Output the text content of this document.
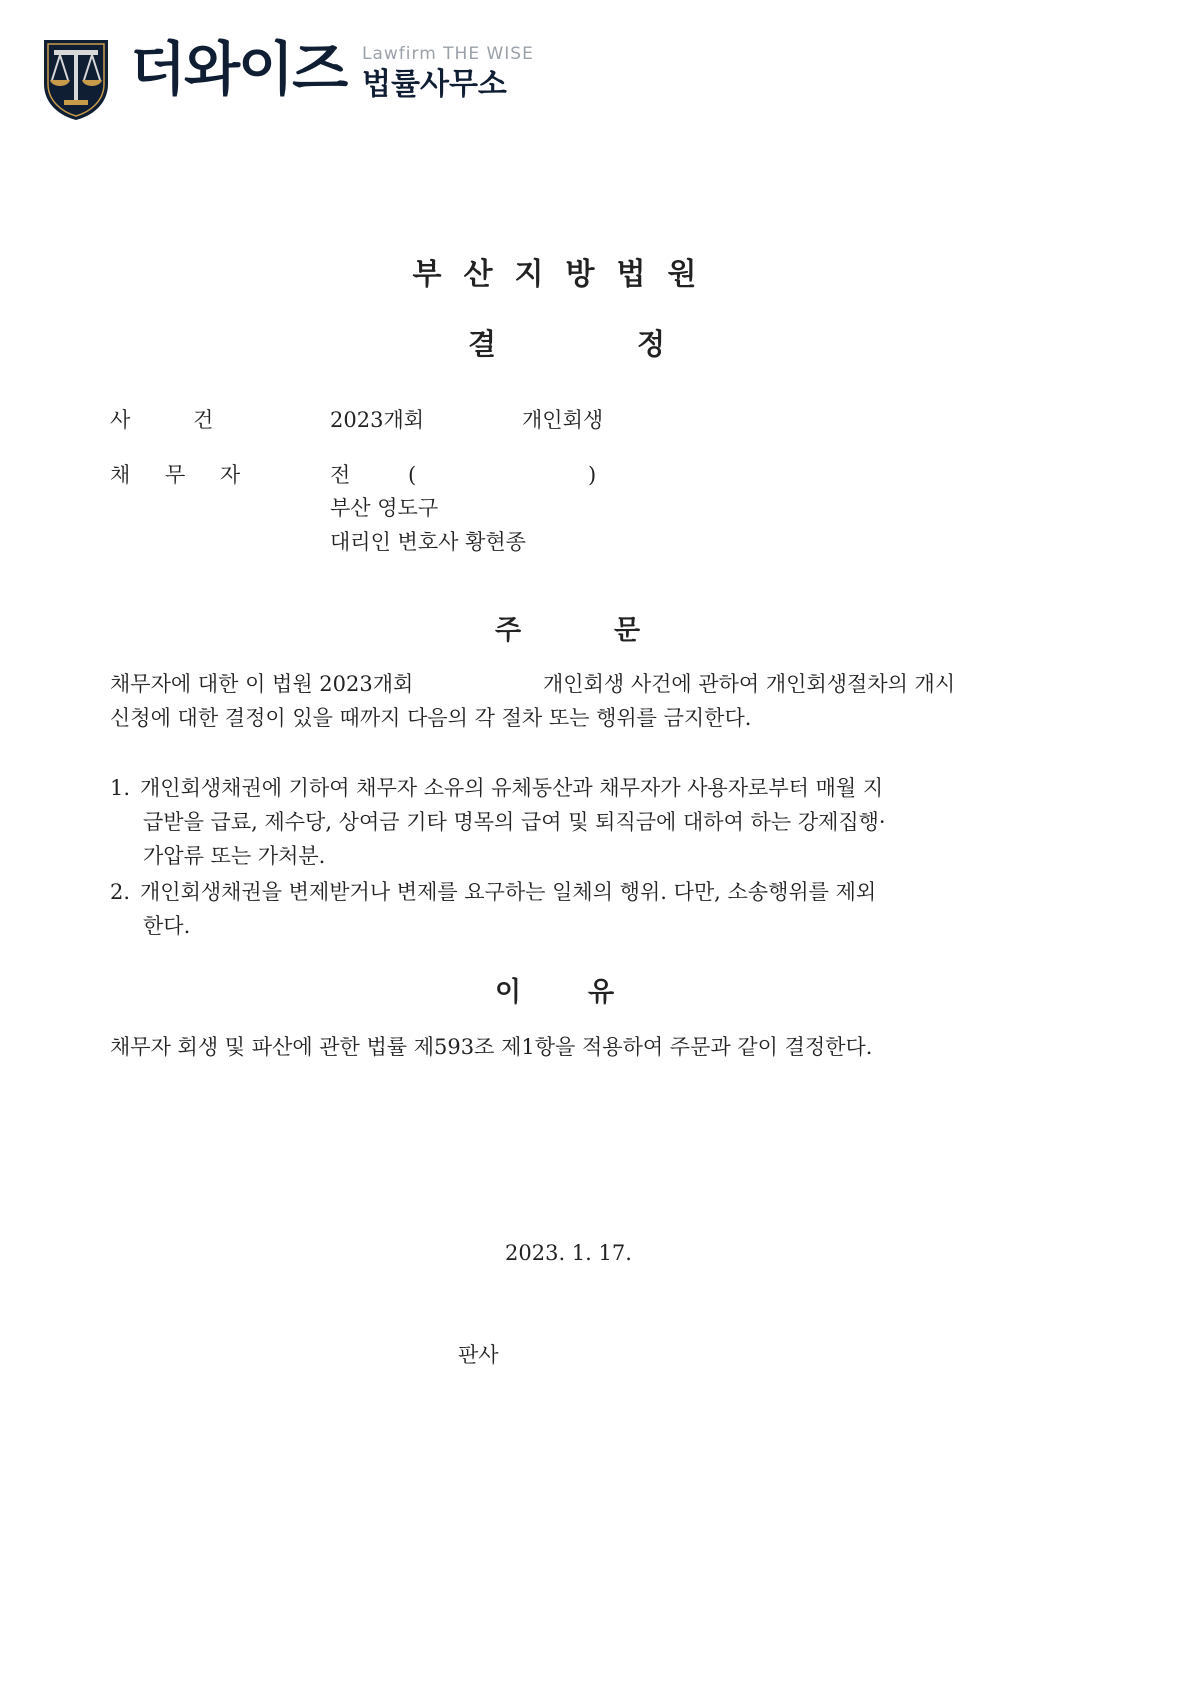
더와이즈 Lawfirm THE WISE
법률사무소
부산지방법원
결	정
사 건	2023개회	개인회생
채 무 자	전	(	)
부산 영도구
대리인 변호사 황현종
주	문
채무자에 대한 이 법원 2023개회	개인회생 사건에 관하여 개인회생절차의 개시
신청에 대한 결정이 있을 때까지 다음의 각 절차 또는 행위를 금지한다.
1. 개인회생채권에 기하여 채무자 소유의 유체동산과 채무자가 사용자로부터 매월 지
급받을 급료, 제수당, 상여금 기타 명목의 급여 및 퇴직금에 대하여 하는 강제집행·
가압류 또는 가처분.
2. 개인회생채권을 변제받거나 변제를 요구하는 일체의 행위. 다만, 소송행위를 제외
한다.
이 유
채무자 회생 및 파산에 관한 법률 제593조 제1항을 적용하여 주문과 같이 결정한다.
2023. 1. 17.
판사
